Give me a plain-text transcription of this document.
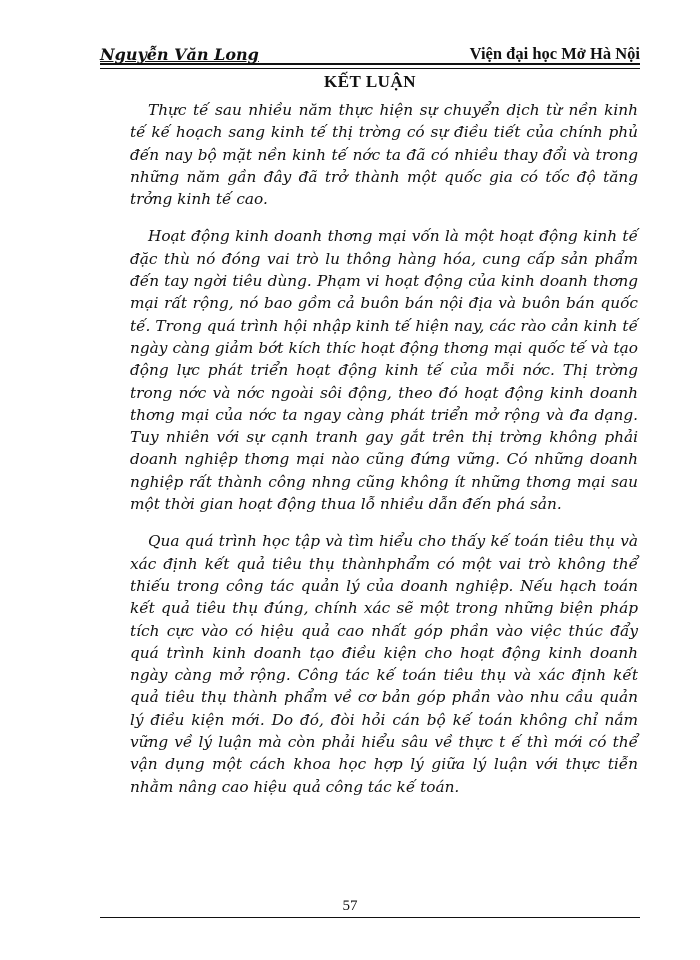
Nguyễn Văn Long	Viện đại học Mở Hà Nội
KẾT LUẬN

Thực tế sau nhiều năm thực hiện sự chuyển dịch từ nền kinh tế kế hoạch sang kinh tế thị trờng có sự điều tiết của chính phủ đến nay bộ mặt nền kinh tế nớc ta đã có nhiều thay đổi và trong những năm gần đây đã trở thành một quốc gia có tốc độ tăng trởng kinh tế cao.

Hoạt động kinh doanh thơng mại vốn là một hoạt động kinh tế đặc thù nó đóng vai trò lu thông hàng hóa, cung cấp sản phẩm đến tay ngời tiêu dùng. Phạm vi hoạt động của kinh doanh thơng mại rất rộng, nó bao gồm cả buôn bán nội địa và buôn bán quốc tế. Trong quá trình hội nhập kinh tế hiện nay, các rào cản kinh tế ngày càng giảm bớt kích thíc hoạt động thơng mại quốc tế và tạo động lực phát triển hoạt động kinh tế của mỗi nớc. Thị trờng trong nớc và nớc ngoài sôi động, theo đó hoạt động kinh doanh thơng mại của nớc ta ngay càng phát triển mở rộng và đa dạng. Tuy nhiên với sự cạnh tranh gay gắt trên thị trờng không phải doanh nghiệp thơng mại nào cũng đứng vững. Có những doanh nghiệp rất thành công nhng cũng không ít những thơng mại sau một thời gian hoạt động thua lỗ nhiều dẫn đến phá sản.

Qua quá trình học tập và tìm hiểu cho thấy kế toán tiêu thụ và xác định kết quả tiêu thụ thànhphẩm có một vai trò không thể thiếu trong công tác quản lý của doanh nghiệp. Nếu hạch toán kết quả tiêu thụ đúng, chính xác sẽ một trong những biện pháp tích cực vào có hiệu quả cao nhất góp phần vào việc thúc đẩy quá trình kinh doanh tạo điều kiện cho hoạt động kinh doanh ngày càng mở rộng. Công tác kế toán tiêu thụ và xác định kết quả tiêu thụ thành phẩm về cơ bản góp phần vào nhu cầu quản lý điều kiện mới. Do đó, đòi hỏi cán bộ kế toán không chỉ nắm vững về lý luận mà còn phải hiểu sâu về thực t ế thì mới có thể vận dụng một cách khoa học hợp lý giữa lý luận với thực tiễn nhằm nâng cao hiệu quả công tác kế toán.

57
